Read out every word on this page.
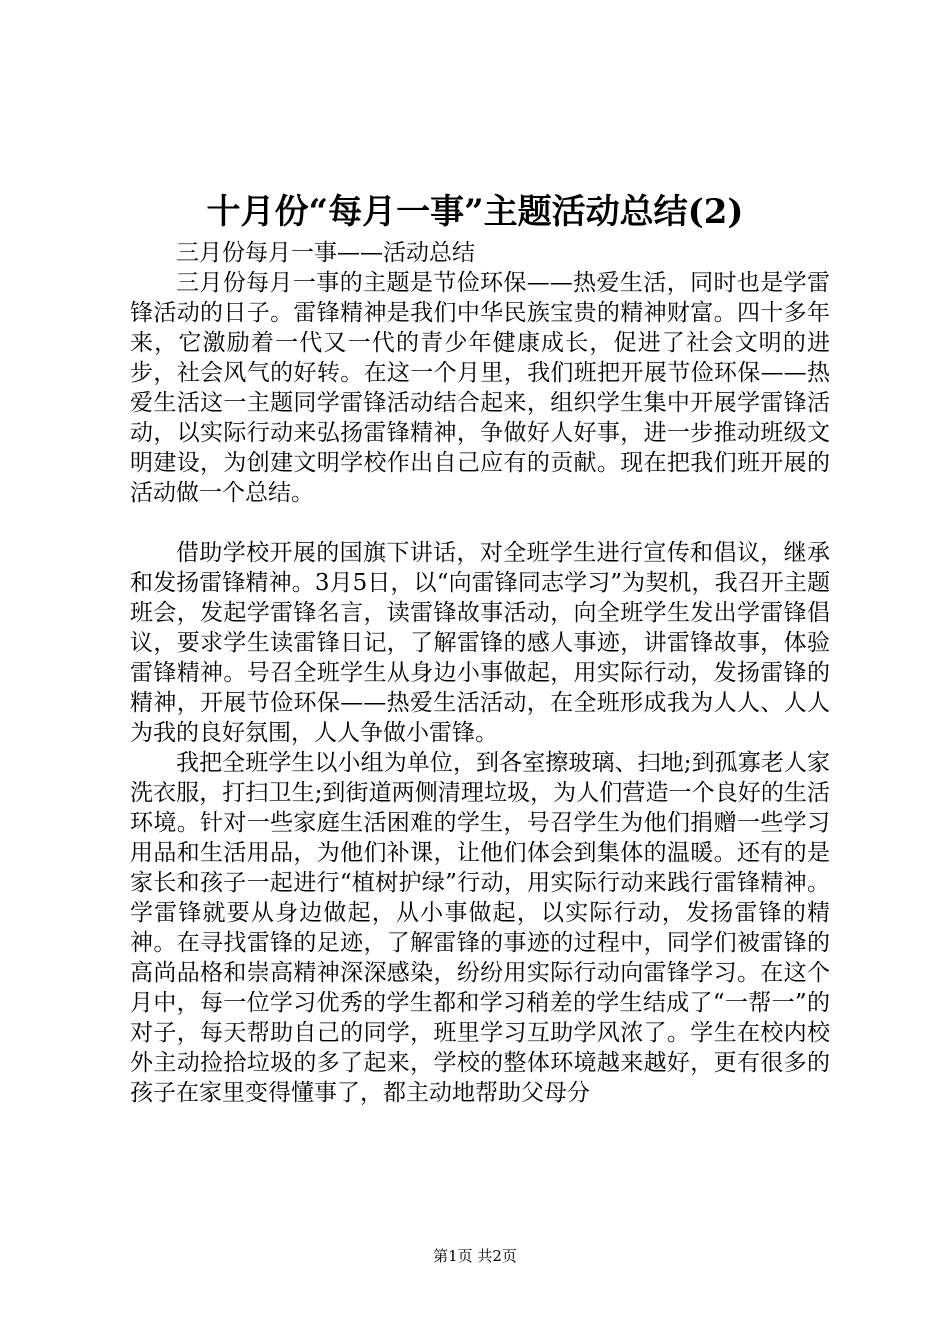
十月份“每月一事”主题活动总结(2)

三月份每月一事——活动总结

三月份每月一事的主题是节俭环保——热爱生活，同时也是学雷锋活动的日子。雷锋精神是我们中华民族宝贵的精神财富。四十多年来，它激励着一代又一代的青少年健康成长，促进了社会文明的进步，社会风气的好转。在这一个月里，我们班把开展节俭环保——热爱生活这一主题同学雷锋活动结合起来，组织学生集中开展学雷锋活动，以实际行动来弘扬雷锋精神，争做好人好事，进一步推动班级文明建设，为创建文明学校作出自己应有的贡献。现在把我们班开展的活动做一个总结。

借助学校开展的国旗下讲话，对全班学生进行宣传和倡议，继承和发扬雷锋精神。3月5日，以“向雷锋同志学习”为契机，我召开主题班会，发起学雷锋名言，读雷锋故事活动，向全班学生发出学雷锋倡议，要求学生读雷锋日记，了解雷锋的感人事迹，讲雷锋故事，体验雷锋精神。号召全班学生从身边小事做起，用实际行动，发扬雷锋的精神，开展节俭环保——热爱生活活动，在全班形成我为人人、人人为我的良好氛围，人人争做小雷锋。

我把全班学生以小组为单位，到各室擦玻璃、扫地;到孤寡老人家洗衣服，打扫卫生;到街道两侧清理垃圾，为人们营造一个良好的生活环境。针对一些家庭生活困难的学生，号召学生为他们捐赠一些学习用品和生活用品，为他们补课，让他们体会到集体的温暖。还有的是家长和孩子一起进行“植树护绿”行动，用实际行动来践行雷锋精神。学雷锋就要从身边做起，从小事做起，以实际行动，发扬雷锋的精神。在寻找雷锋的足迹，了解雷锋的事迹的过程中，同学们被雷锋的高尚品格和崇高精神深深感染，纷纷用实际行动向雷锋学习。在这个月中，每一位学习优秀的学生都和学习稍差的学生结成了“一帮一”的对子，每天帮助自己的同学，班里学习互助学风浓了。学生在校内校外主动捡拾垃圾的多了起来，学校的整体环境越来越好，更有很多的孩子在家里变得懂事了，都主动地帮助父母分

第1页 共2页
